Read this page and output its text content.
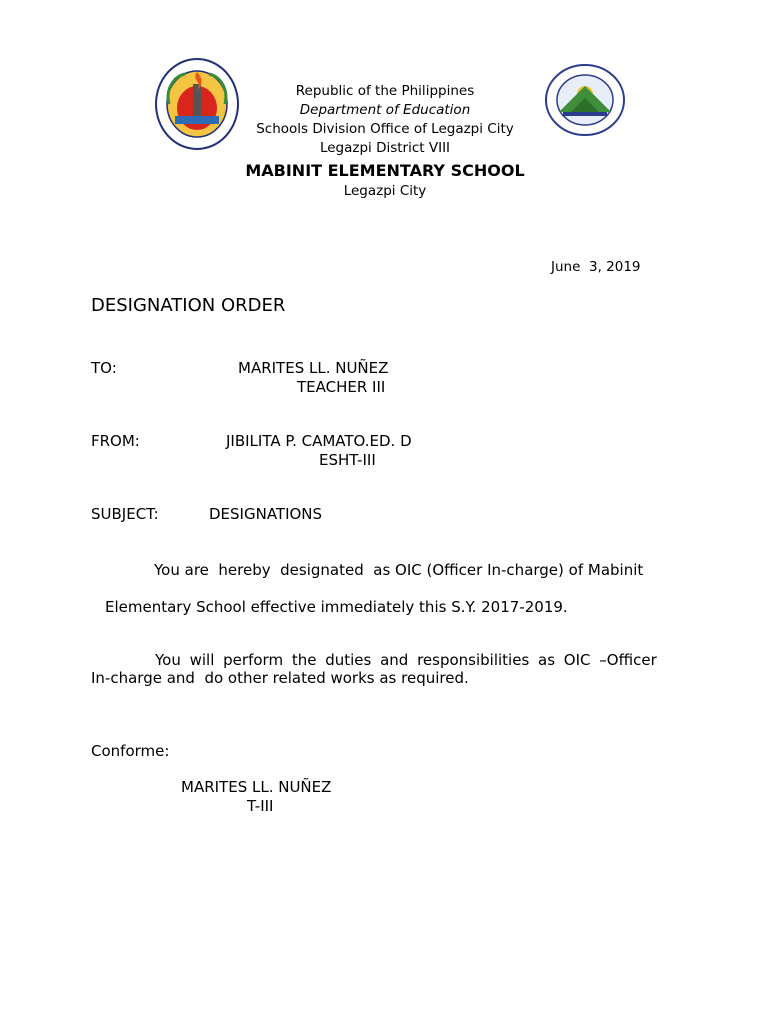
Republic of the Philippines
Department of Education
Schools Division Office of Legazpi City
Legazpi District VIII
MABINIT ELEMENTARY SCHOOL
Legazpi City
June  3, 2019
DESIGNATION ORDER
TO:	MARITES LL. NUÑEZ
TEACHER III
FROM:	JIBILITA P. CAMATO.ED. D
ESHT-III
SUBJECT:	DESIGNATIONS
You are  hereby  designated  as OIC (Officer In-charge) of Mabinit
Elementary School effective immediately this S.Y. 2017-2019.
You will perform the duties and responsibilities as OIC –Officer
In-charge and  do other related works as required.
Conforme:
MARITES LL. NUÑEZ
T-III
